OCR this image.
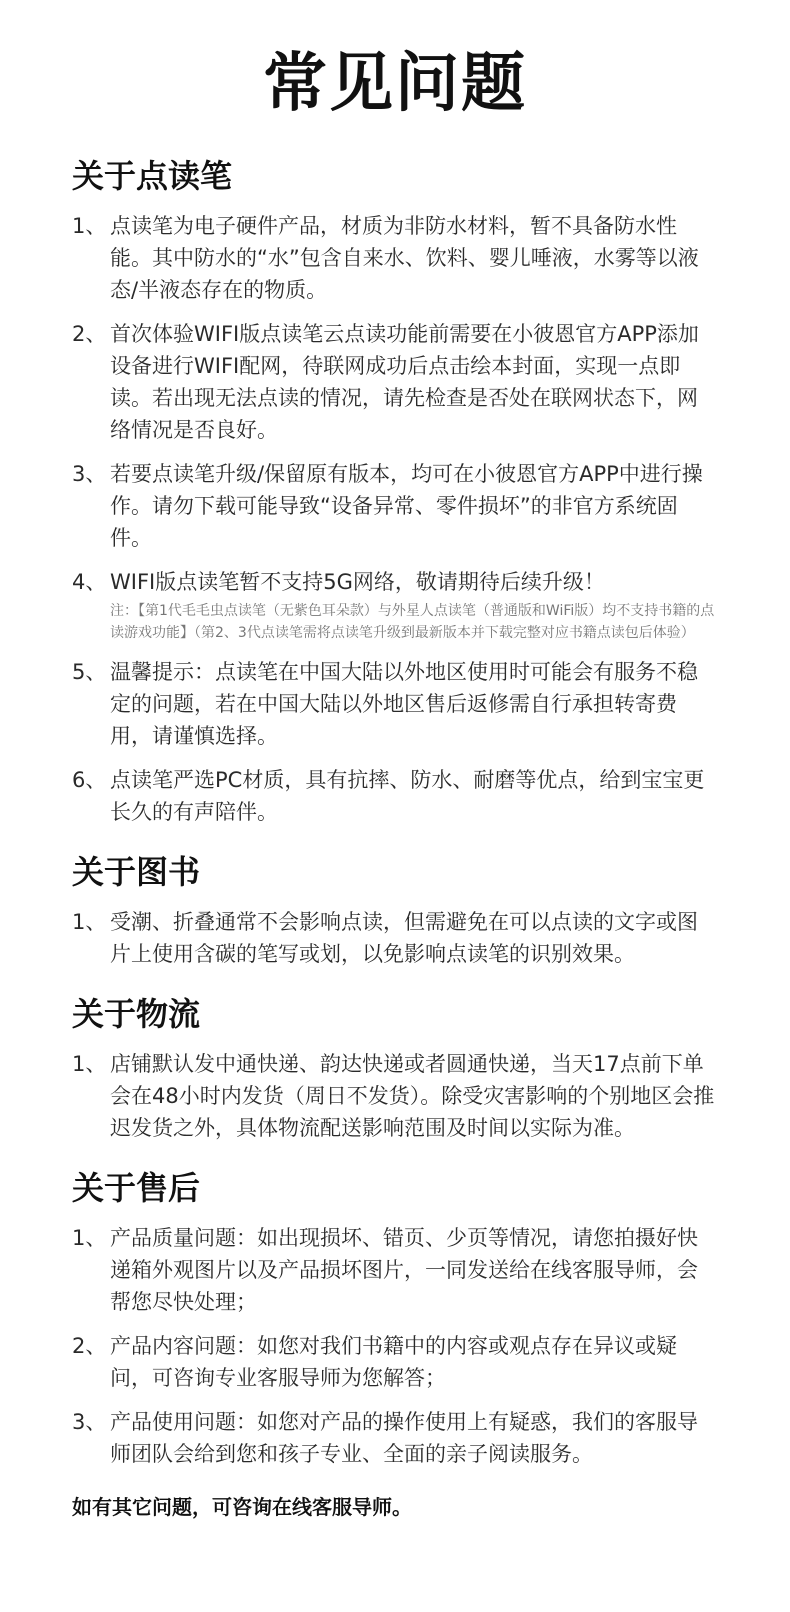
常见问题
关于点读笔
1、 点读笔为电子硬件产品，材质为非防水材料，暂不具备防水性能。其中防水的“水”包含自来水、饮料、婴儿唾液，水雾等以液态/半液态存在的物质。
2、 首次体验WIFI版点读笔云点读功能前需要在小彼恩官方APP添加设备进行WIFI配网，待联网成功后点击绘本封面，实现一点即读。若出现无法点读的情况，请先检查是否处在联网状态下，网络情况是否良好。
3、 若要点读笔升级/保留原有版本，均可在小彼恩官方APP中进行操作。请勿下载可能导致“设备异常、零件损坏”的非官方系统固件。
4、 WIFI版点读笔暂不支持5G网络，敬请期待后续升级！
注：【第1代毛毛虫点读笔（无紫色耳朵款）与外星人点读笔（普通版和WiFi版）均不支持书籍的点读游戏功能】（第2、3代点读笔需将点读笔升级到最新版本并下载完整对应书籍点读包后体验）
5、 温馨提示：点读笔在中国大陆以外地区使用时可能会有服务不稳定的问题，若在中国大陆以外地区售后返修需自行承担转寄费用，请谨慎选择。
6、 点读笔严选PC材质，具有抗摔、防水、耐磨等优点，给到宝宝更长久的有声陪伴。
关于图书
1、 受潮、折叠通常不会影响点读，但需避免在可以点读的文字或图片上使用含碳的笔写或划，以免影响点读笔的识别效果。
关于物流
1、 店铺默认发中通快递、韵达快递或者圆通快递，当天17点前下单会在48小时内发货（周日不发货）。除受灾害影响的个别地区会推迟发货之外，具体物流配送影响范围及时间以实际为准。
关于售后
1、 产品质量问题：如出现损坏、错页、少页等情况，请您拍摄好快递箱外观图片以及产品损坏图片，一同发送给在线客服导师，会帮您尽快处理；
2、 产品内容问题：如您对我们书籍中的内容或观点存在异议或疑问，可咨询专业客服导师为您解答；
3、 产品使用问题：如您对产品的操作使用上有疑惑，我们的客服导师团队会给到您和孩子专业、全面的亲子阅读服务。
如有其它问题，可咨询在线客服导师。
